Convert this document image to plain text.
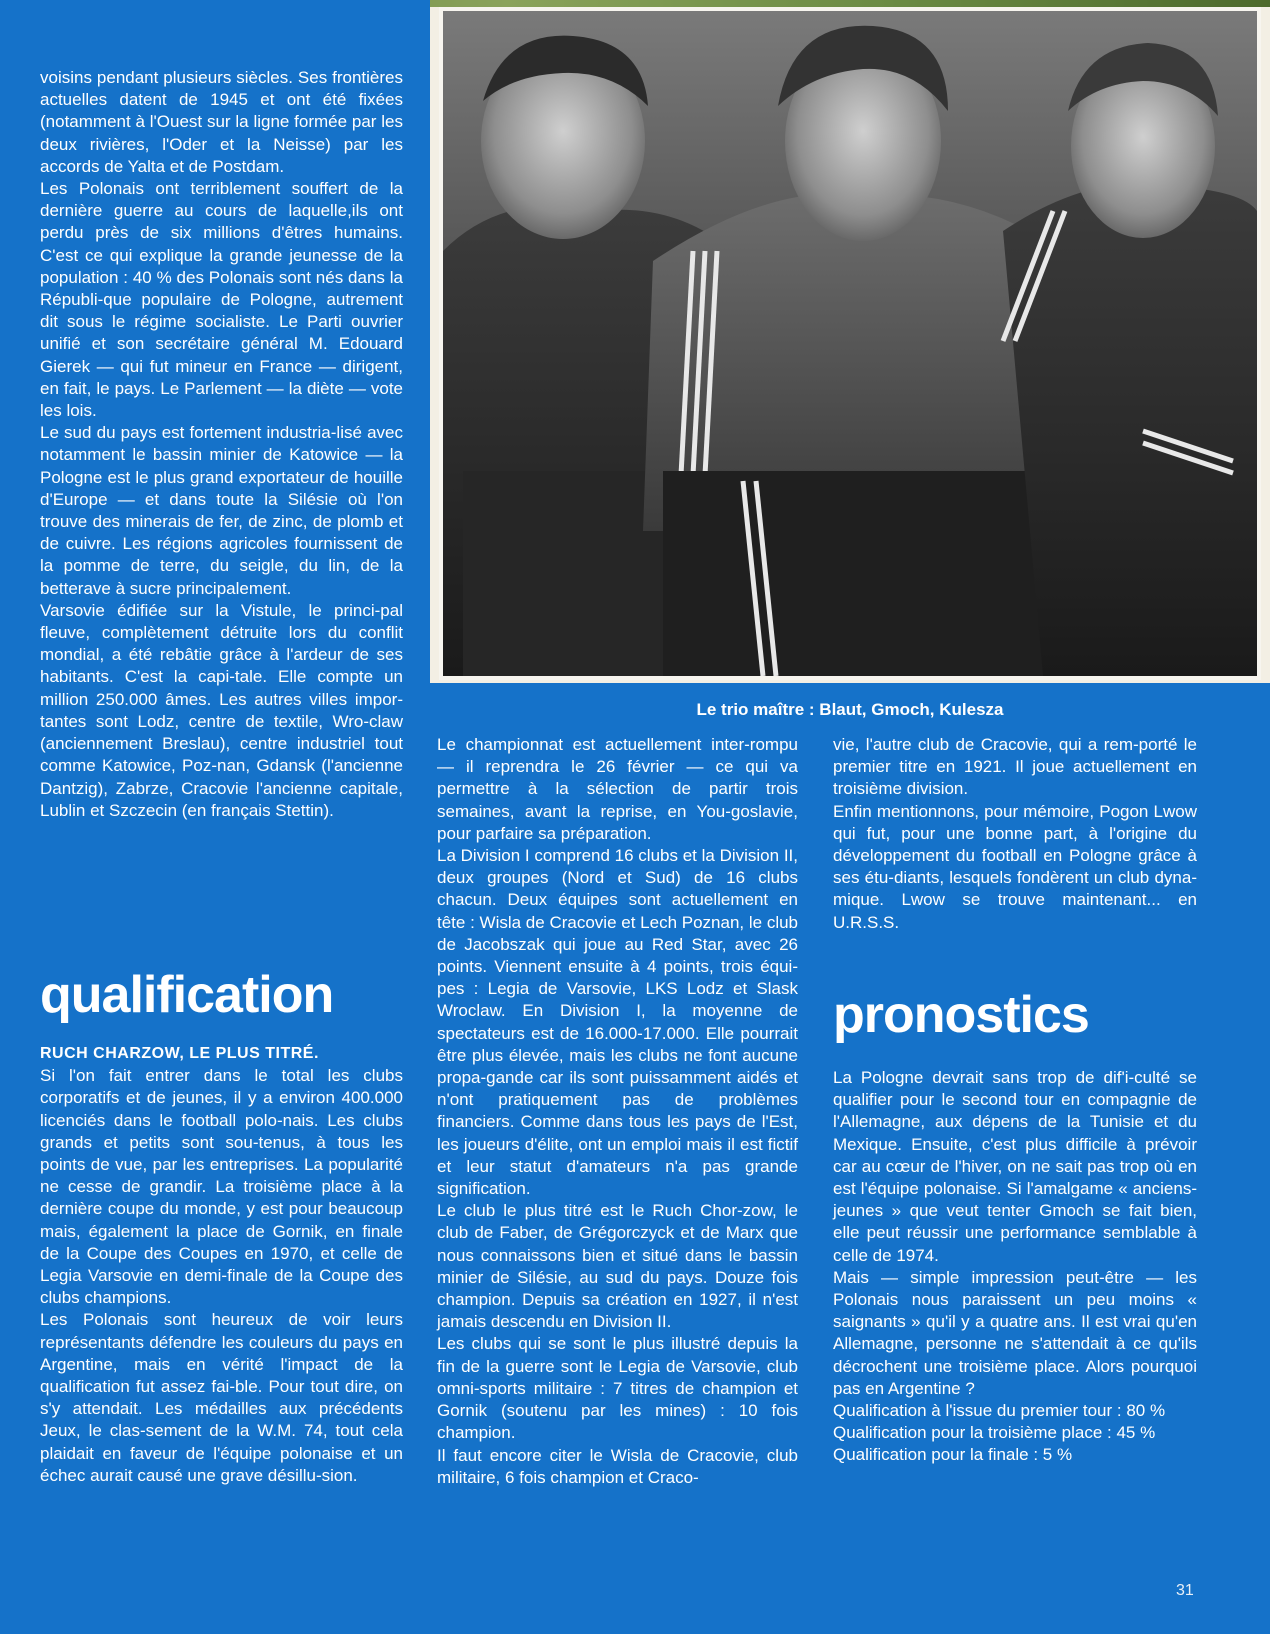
Le trio maître : Blaut, Gmoch, Kulesza

voisins pendant plusieurs siècles. Ses frontières actuelles datent de 1945 et ont été fixées (notamment à l'Ouest sur la ligne formée par les deux rivières, l'Oder et la Neisse) par les accords de Yalta et de Postdam.

Les Polonais ont terriblement souffert de la dernière guerre au cours de laquelle,ils ont perdu près de six millions d'êtres humains. C'est ce qui explique la grande jeunesse de la population : 40 % des Polonais sont nés dans la Républi-que populaire de Pologne, autrement dit sous le régime socialiste. Le Parti ouvrier unifié et son secrétaire général M. Edouard Gierek — qui fut mineur en France — dirigent, en fait, le pays. Le Parlement — la diète — vote les lois.

Le sud du pays est fortement industria-lisé avec notamment le bassin minier de Katowice — la Pologne est le plus grand exportateur de houille d'Europe — et dans toute la Silésie où l'on trouve des minerais de fer, de zinc, de plomb et de cuivre. Les régions agricoles fournissent de la pomme de terre, du seigle, du lin, de la betterave à sucre principalement.

Varsovie édifiée sur la Vistule, le princi-pal fleuve, complètement détruite lors du conflit mondial, a été rebâtie grâce à l'ardeur de ses habitants. C'est la capi-tale. Elle compte un million 250.000 âmes. Les autres villes impor-tantes sont Lodz, centre de textile, Wro-claw (anciennement Breslau), centre industriel tout comme Katowice, Poz-nan, Gdansk (l'ancienne Dantzig), Zabrze, Cracovie l'ancienne capitale, Lublin et Szczecin (en français Stettin).

qualification
RUCH CHARZOW, LE PLUS TITRÉ.

Si l'on fait entrer dans le total les clubs corporatifs et de jeunes, il y a environ 400.000 licenciés dans le football polo-nais. Les clubs grands et petits sont sou-tenus, à tous les points de vue, par les entreprises. La popularité ne cesse de grandir. La troisième place à la dernière coupe du monde, y est pour beaucoup mais, également la place de Gornik, en finale de la Coupe des Coupes en 1970, et celle de Legia Varsovie en demi-finale de la Coupe des clubs champions.

Les Polonais sont heureux de voir leurs représentants défendre les couleurs du pays en Argentine, mais en vérité l'impact de la qualification fut assez fai-ble. Pour tout dire, on s'y attendait. Les médailles aux précédents Jeux, le clas-sement de la W.M. 74, tout cela plaidait en faveur de l'équipe polonaise et un échec aurait causé une grave désillu-sion.

Le championnat est actuellement inter-rompu — il reprendra le 26 février — ce qui va permettre à la sélection de partir trois semaines, avant la reprise, en You-goslavie, pour parfaire sa préparation.

La Division I comprend 16 clubs et la Division II, deux groupes (Nord et Sud) de 16 clubs chacun. Deux équipes sont actuellement en tête : Wisla de Cracovie et Lech Poznan, le club de Jacobszak qui joue au Red Star, avec 26 points. Viennent ensuite à 4 points, trois équi-pes : Legia de Varsovie, LKS Lodz et Slask Wroclaw. En Division I, la moyenne de spectateurs est de 16.000-17.000. Elle pourrait être plus élevée, mais les clubs ne font aucune propa-gande car ils sont puissamment aidés et n'ont pratiquement pas de problèmes financiers. Comme dans tous les pays de l'Est, les joueurs d'élite, ont un emploi mais il est fictif et leur statut d'amateurs n'a pas grande signification.

Le club le plus titré est le Ruch Chor-zow, le club de Faber, de Grégorczyck et de Marx que nous connaissons bien et situé dans le bassin minier de Silésie, au sud du pays. Douze fois champion. Depuis sa création en 1927, il n'est jamais descendu en Division II.

Les clubs qui se sont le plus illustré depuis la fin de la guerre sont le Legia de Varsovie, club omni-sports militaire : 7 titres de champion et Gornik (soutenu par les mines) : 10 fois champion.

Il faut encore citer le Wisla de Cracovie, club militaire, 6 fois champion et Craco-

vie, l'autre club de Cracovie, qui a rem-porté le premier titre en 1921. Il joue actuellement en troisième division.

Enfin mentionnons, pour mémoire, Pogon Lwow qui fut, pour une bonne part, à l'origine du développement du football en Pologne grâce à ses étu-diants, lesquels fondèrent un club dyna-mique. Lwow se trouve maintenant... en U.R.S.S.

pronostics

La Pologne devrait sans trop de dif'i-culté se qualifier pour le second tour en compagnie de l'Allemagne, aux dépens de la Tunisie et du Mexique. Ensuite, c'est plus difficile à prévoir car au cœur de l'hiver, on ne sait pas trop où en est l'équipe polonaise. Si l'amalgame « anciens-jeunes » que veut tenter Gmoch se fait bien, elle peut réussir une performance semblable à celle de 1974.

Mais — simple impression peut-être — les Polonais nous paraissent un peu moins « saignants » qu'il y a quatre ans. Il est vrai qu'en Allemagne, personne ne s'attendait à ce qu'ils décrochent une troisième place. Alors pourquoi pas en Argentine ?

Qualification à l'issue du premier tour : 80 %

Qualification pour la troisième place : 45 %

Qualification pour la finale : 5 %

31
